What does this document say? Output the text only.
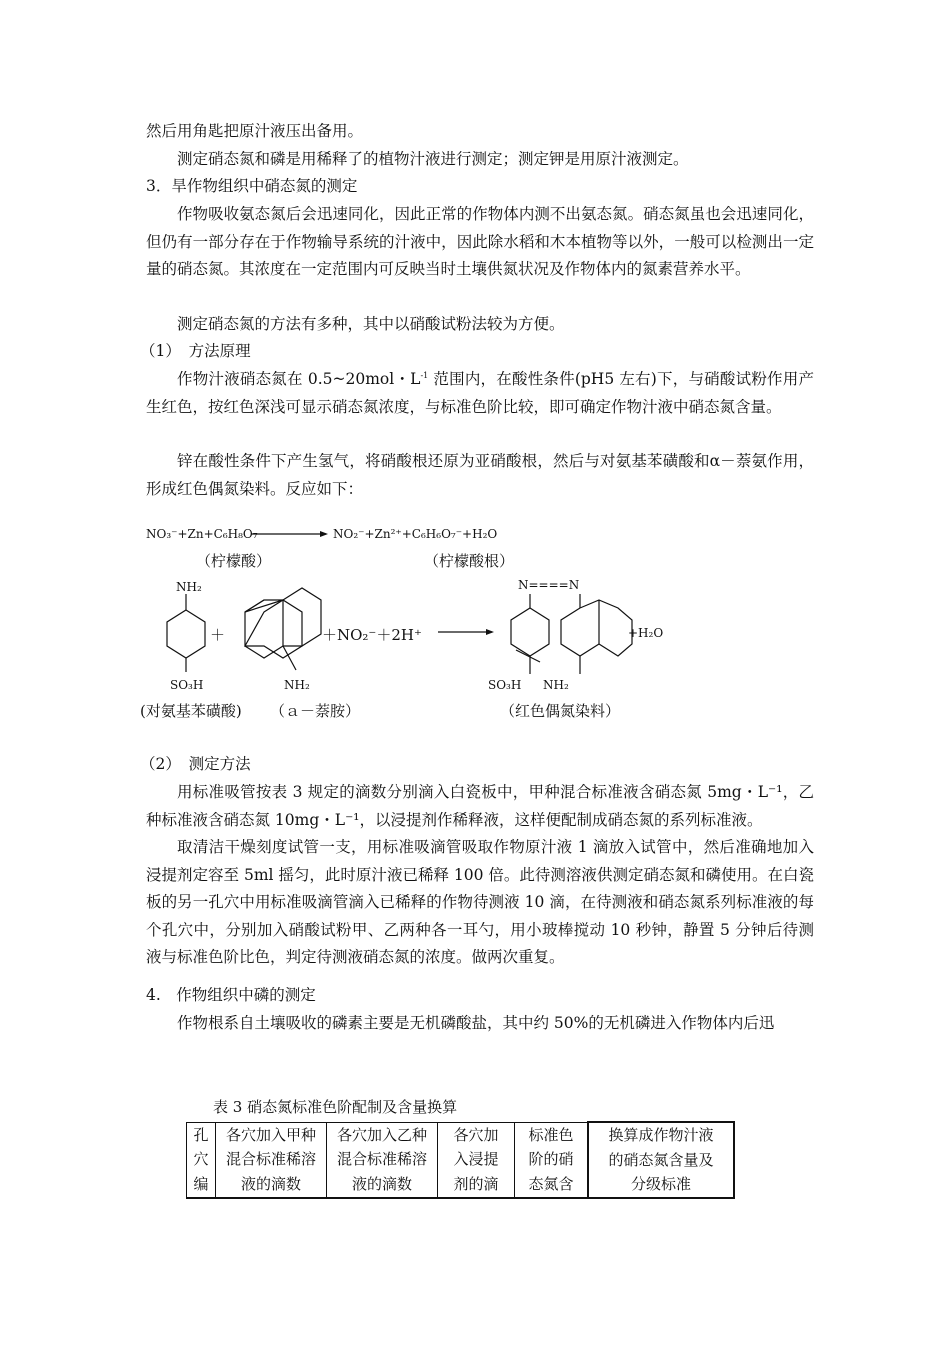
然后用角匙把原汁液压出备用。

测定硝态氮和磷是用稀释了的植物汁液进行测定；测定钾是用原汁液测定。

3．旱作物组织中硝态氮的测定

作物吸收氨态氮后会迅速同化，因此正常的作物体内测不出氨态氮。硝态氮虽也会迅速同化，但仍有一部分存在于作物输导系统的汁液中，因此除水稻和木本植物等以外，一般可以检测出一定量的硝态氮。其浓度在一定范围内可反映当时土壤供氮状况及作物体内的氮素营养水平。

测定硝态氮的方法有多种，其中以硝酸试粉法较为方便。

（1）　方法原理

作物汁液硝态氮在 0.5~20mol・$L^{-1}$ 范围内，在酸性条件(pH5 左右)下，与硝酸试粉作用产生红色，按红色深浅可显示硝态氮浓度，与标准色阶比较，即可确定作物汁液中硝态氮含量。

锌在酸性条件下产生氢气，将硝酸根还原为亚硝酸根，然后与对氨基苯磺酸和α－萘氨作用，形成红色偶氮染料。反应如下：

NO₃⁻+Zn+C₆H₈O₇	NO₂⁻+Zn²⁺+C₆H₆O₇⁻+H₂O
（柠檬酸）	（柠檬酸根）
NH₂
＋	＋NO₂⁻＋2H⁺
SO₃H	NH₂
N====N
+H₂O
SO₃H NH₂
(对氨基苯磺酸) （ａ－萘胺）	（红色偶氮染料）

（2）　测定方法

用标准吸管按表 3 规定的滴数分别滴入白瓷板中，甲种混合标准液含硝态氮 5mg・L⁻¹，乙种标准液含硝态氮 10mg・L⁻¹，以浸提剂作稀释液，这样便配制成硝态氮的系列标准液。

取清洁干燥刻度试管一支，用标准吸滴管吸取作物原汁液 1 滴放入试管中，然后准确地加入浸提剂定容至 5ml 摇匀，此时原汁液已稀释 100 倍。此待测溶液供测定硝态氮和磷使用。在白瓷板的另一孔穴中用标准吸滴管滴入已稀释的作物待测液 10 滴，在待测液和硝态氮系列标准液的每个孔穴中，分别加入硝酸试粉甲、乙两种各一耳勺，用小玻棒搅动 10 秒钟，静置 5 分钟后待测液与标准色阶比色，判定待测液硝态氮的浓度。做两次重复。

4.　作物组织中磷的测定

作物根系自土壤吸收的磷素主要是无机磷酸盐，其中约 50%的无机磷进入作物体内后迅

表 3 硝态氮标准色阶配制及含量换算
孔
穴
编

各穴加入甲种
混合标准稀溶
液的滴数

各穴加入乙种
混合标准稀溶
液的滴数

各穴加
入浸提
剂的滴

标准色
阶的硝
态氮含

换算成作物汁液
的硝态氮含量及
分级标准
